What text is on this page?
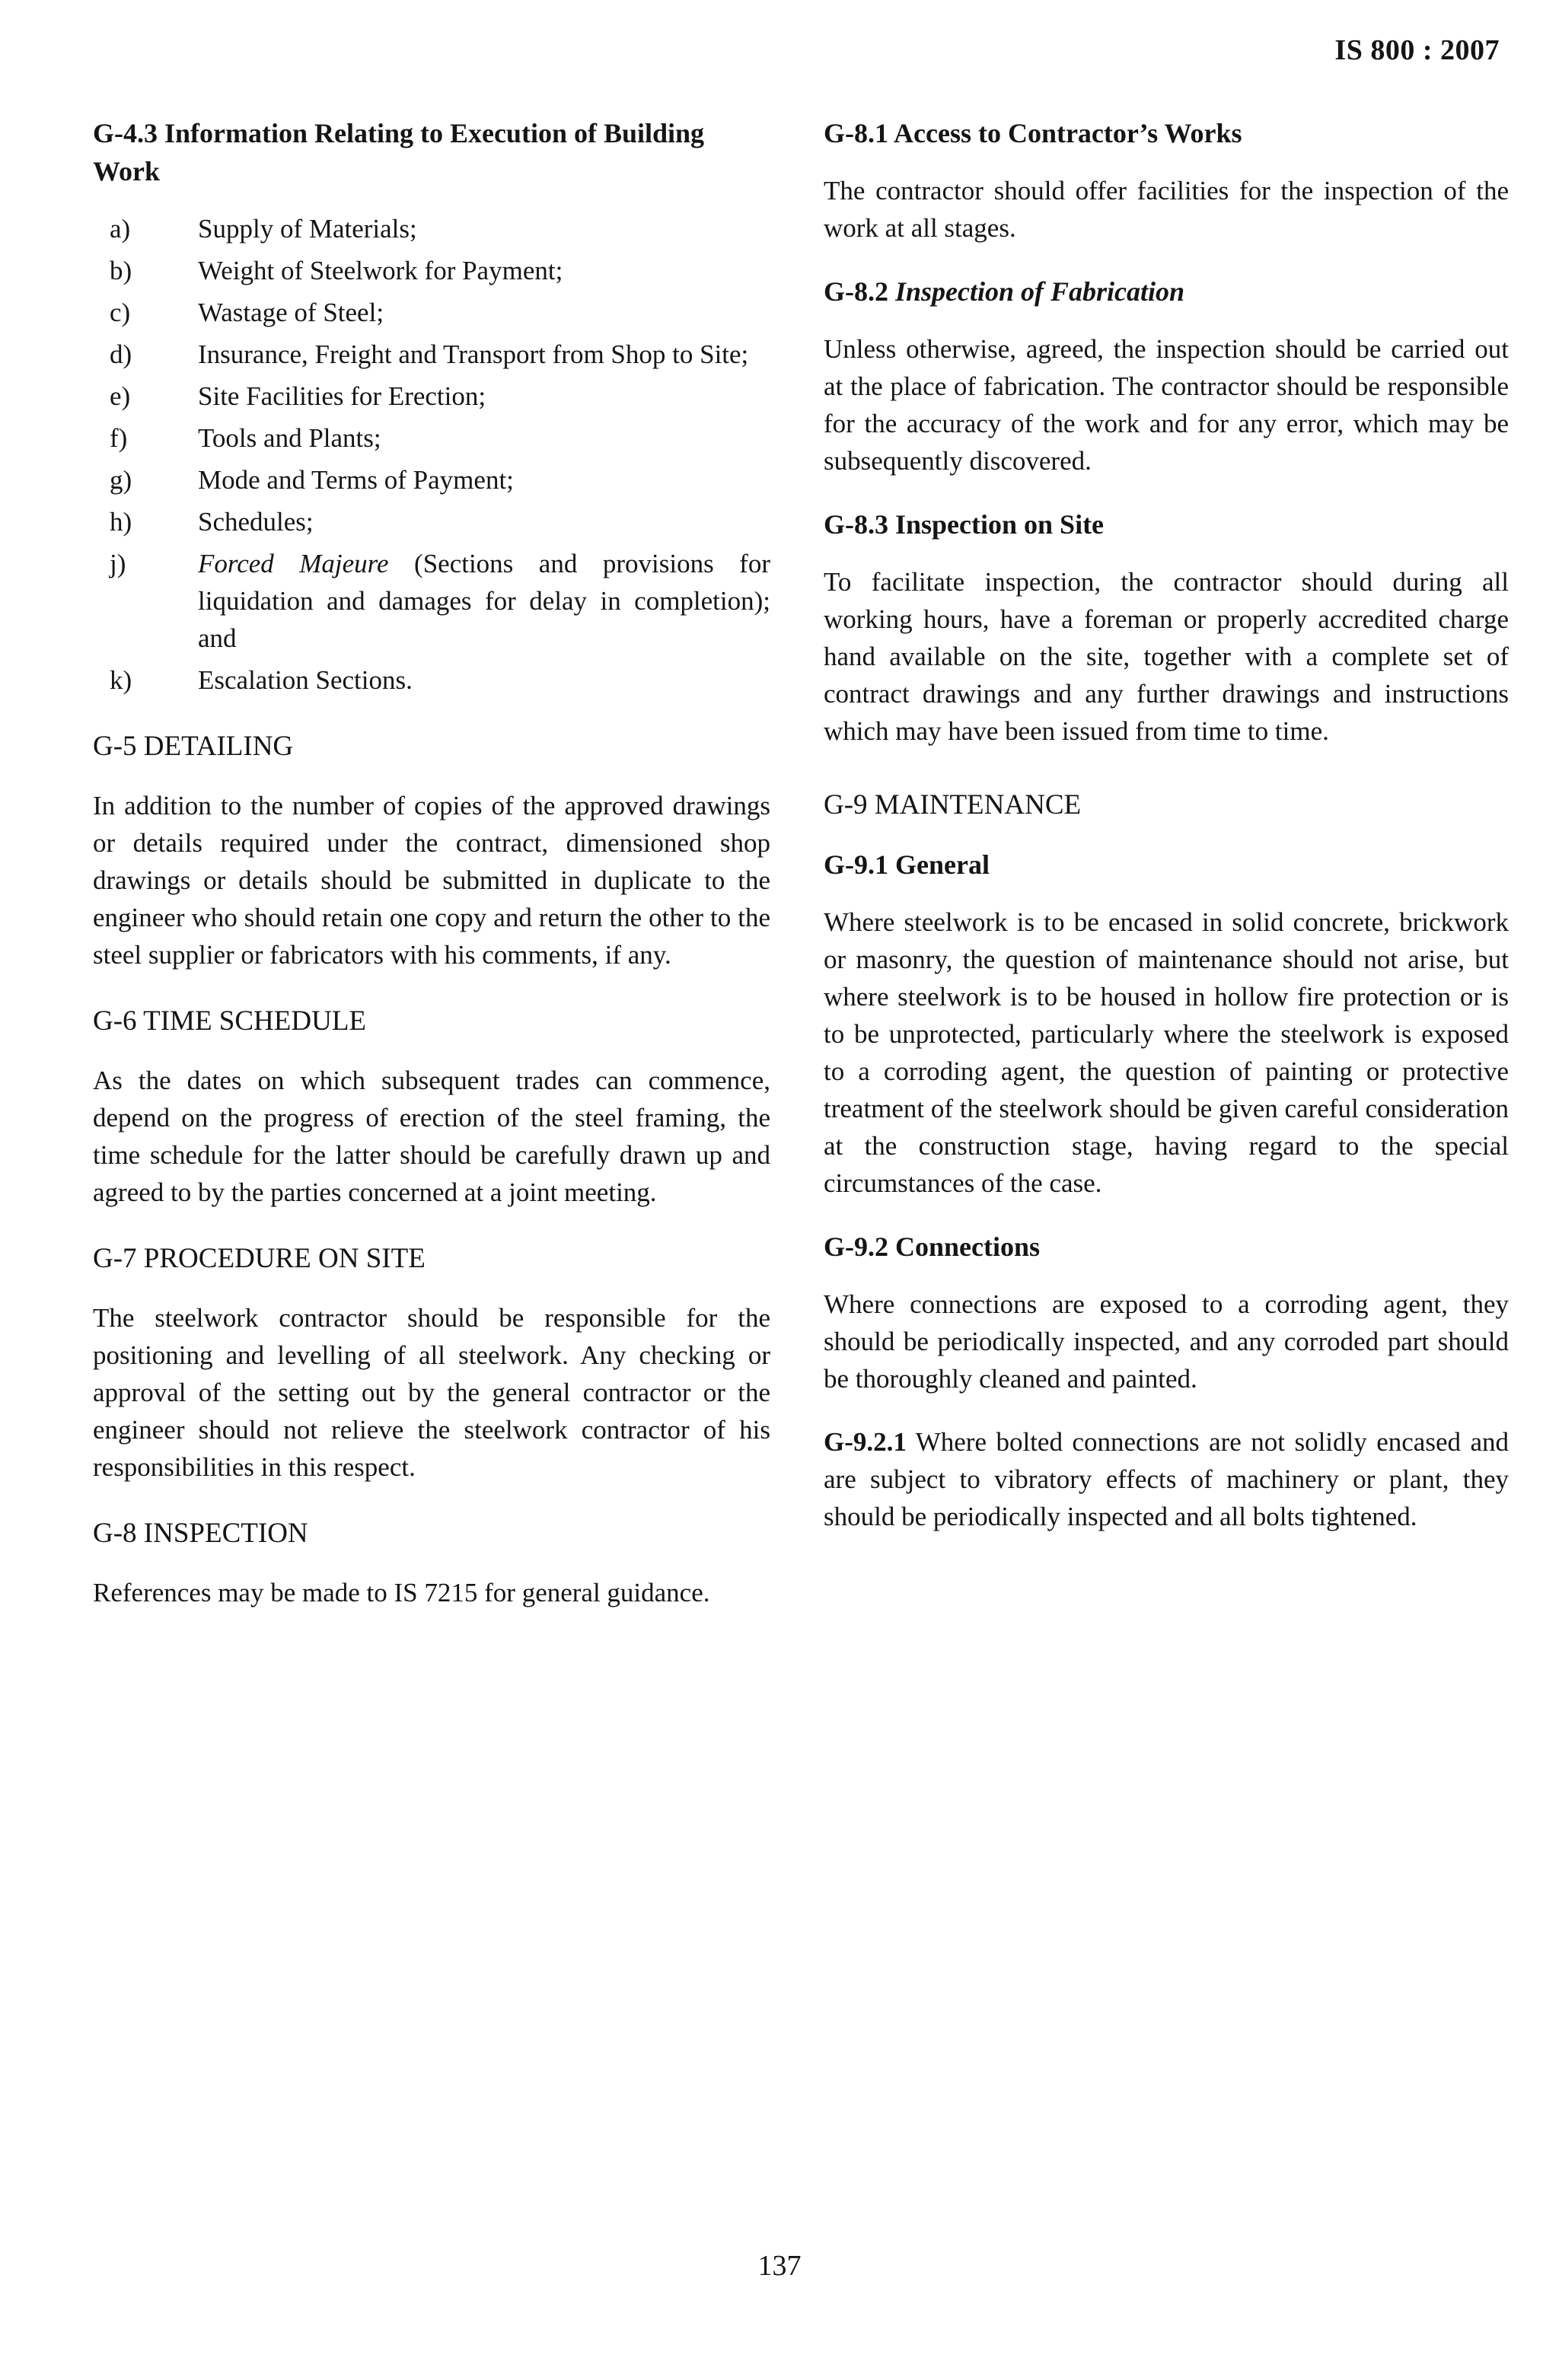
IS 800 : 2007
G-4.3 Information Relating to Execution of Building Work
a)	Supply of Materials;
b)	Weight of Steelwork for Payment;
c)	Wastage of Steel;
d)	Insurance, Freight and Transport from Shop to Site;
e)	Site Facilities for Erection;
f)	Tools and Plants;
g)	Mode and Terms of Payment;
h)	Schedules;
j)	Forced Majeure (Sections and provisions for liquidation and damages for delay in completion); and
k)	Escalation Sections.
G-5 DETAILING

In addition to the number of copies of the approved drawings or details required under the contract, dimensioned shop drawings or details should be submitted in duplicate to the engineer who should retain one copy and return the other to the steel supplier or fabricators with his comments, if any.

G-6 TIME SCHEDULE

As the dates on which subsequent trades can commence, depend on the progress of erection of the steel framing, the time schedule for the latter should be carefully drawn up and agreed to by the parties concerned at a joint meeting.

G-7 PROCEDURE ON SITE

The steelwork contractor should be responsible for the positioning and levelling of all steelwork. Any checking or approval of the setting out by the general contractor or the engineer should not relieve the steelwork contractor of his responsibilities in this respect.

G-8 INSPECTION

References may be made to IS 7215 for general guidance.

G-8.1 Access to Contractor’s Works

The contractor should offer facilities for the inspection of the work at all stages.

G-8.2 Inspection of Fabrication

Unless otherwise, agreed, the inspection should be carried out at the place of fabrication. The contractor should be responsible for the accuracy of the work and for any error, which may be subsequently discovered.

G-8.3 Inspection on Site

To facilitate inspection, the contractor should during all working hours, have a foreman or properly accredited charge hand available on the site, together with a complete set of contract drawings and any further drawings and instructions which may have been issued from time to time.

G-9 MAINTENANCE
G-9.1 General

Where steelwork is to be encased in solid concrete, brickwork or masonry, the question of maintenance should not arise, but where steelwork is to be housed in hollow fire protection or is to be unprotected, particularly where the steelwork is exposed to a corroding agent, the question of painting or protective treatment of the steelwork should be given careful consideration at the construction stage, having regard to the special circumstances of the case.

G-9.2 Connections

Where connections are exposed to a corroding agent, they should be periodically inspected, and any corroded part should be thoroughly cleaned and painted.

G-9.2.1 Where bolted connections are not solidly encased and are subject to vibratory effects of machinery or plant, they should be periodically inspected and all bolts tightened.

137
